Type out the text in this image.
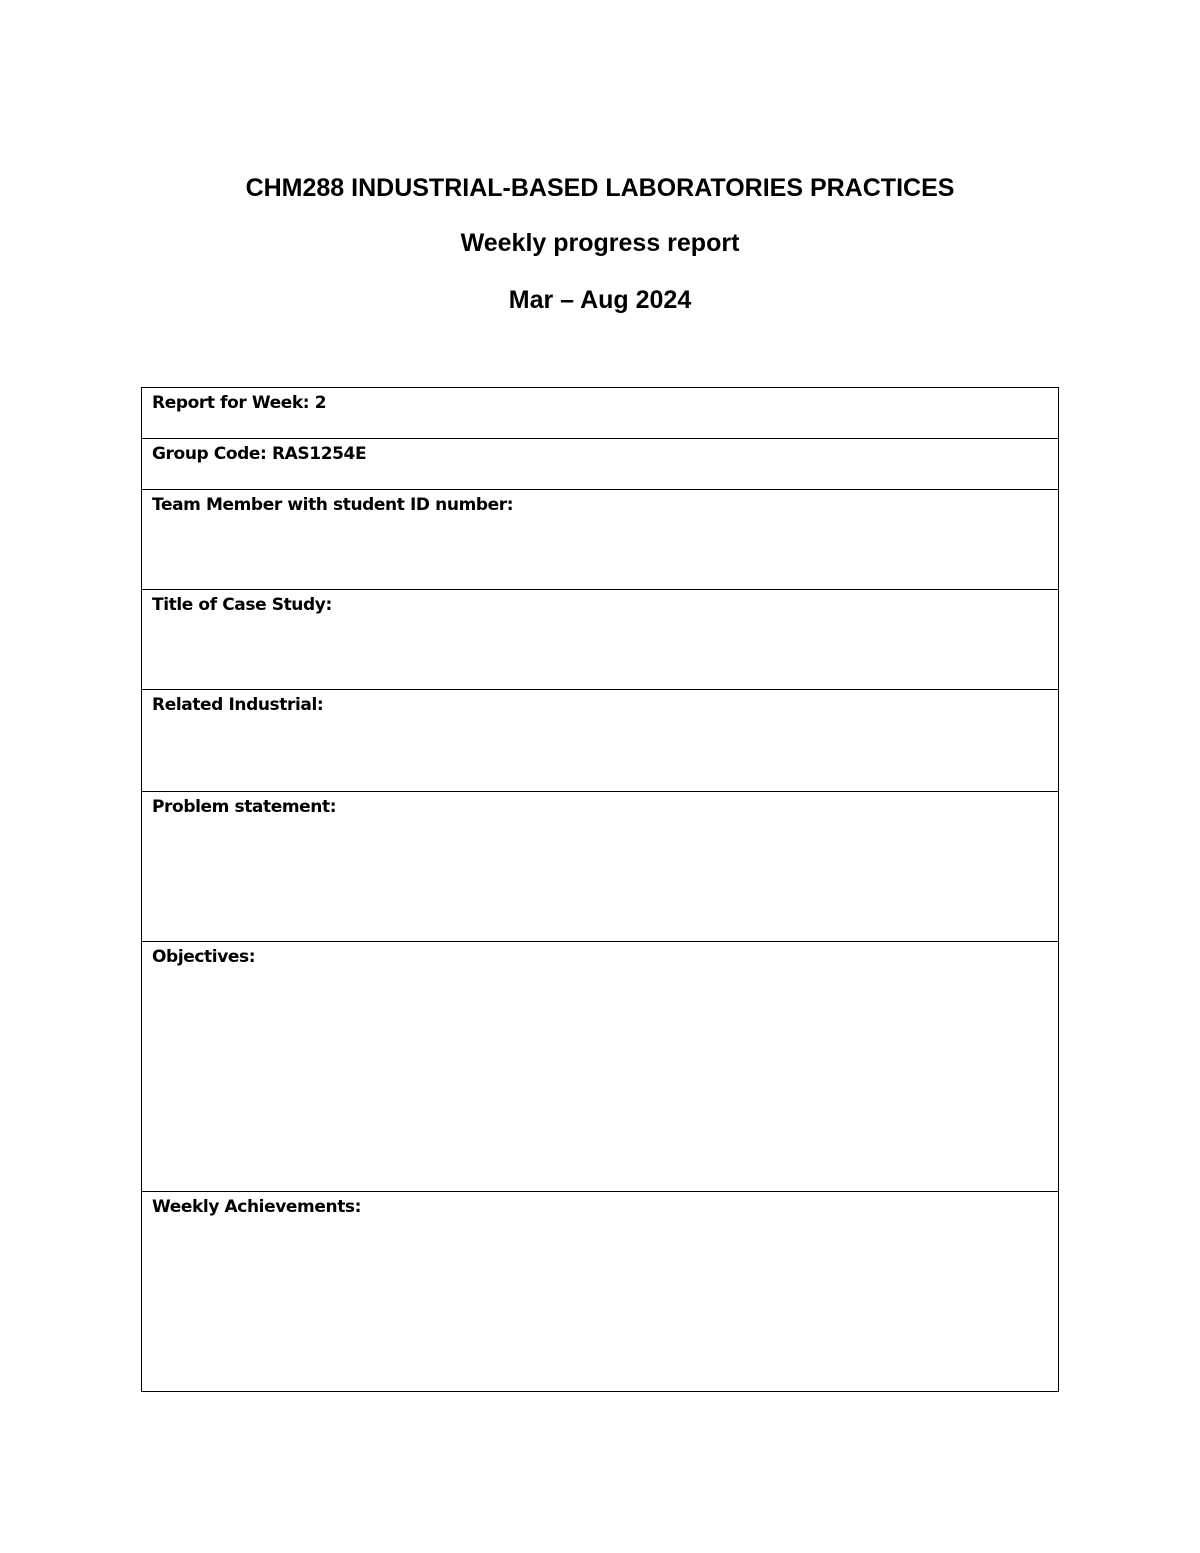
CHM288 INDUSTRIAL-BASED LABORATORIES PRACTICES
Weekly progress report
Mar – Aug 2024
Report for Week: 2

Group Code: RAS1254E

Team Member with student ID number:

Title of Case Study:

Related Industrial:

Problem statement:

Objectives:

Weekly Achievements:
